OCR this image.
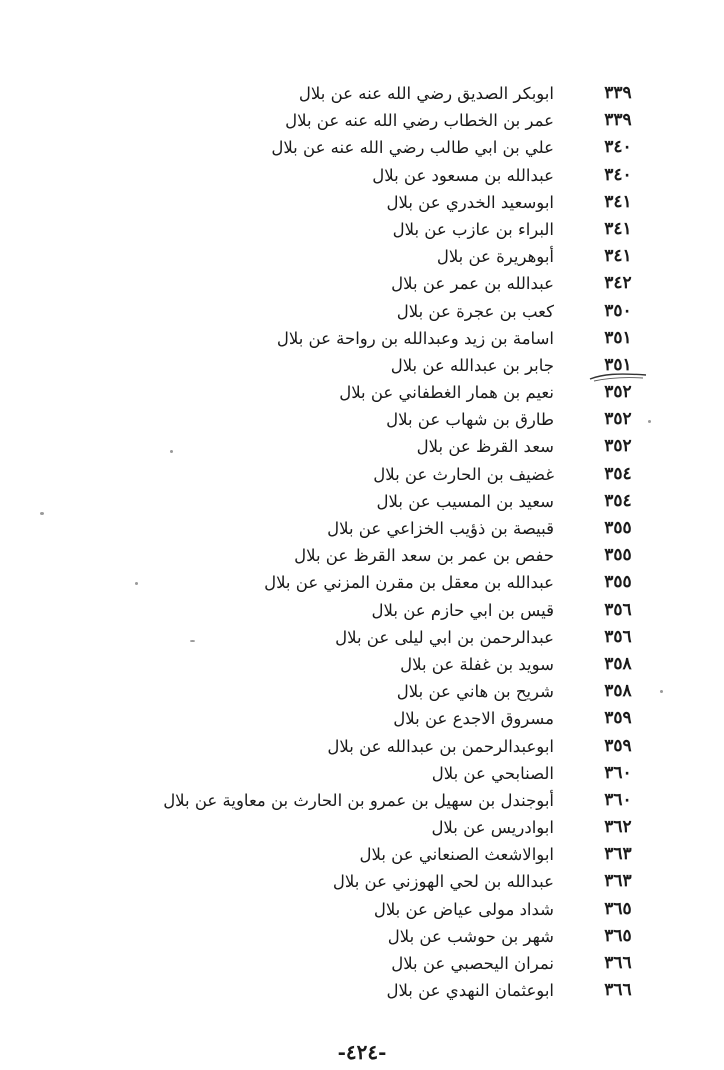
ابوبكر الصديق رضي الله عنه عن بلال	٣٣٩
عمر بن الخطاب رضي الله عنه عن بلال	٣٣٩
علي بن ابي طالب رضي الله عنه عن بلال	٣٤٠
عبدالله بن مسعود عن بلال	٣٤٠
ابوسعيد الخدري عن بلال	٣٤١
البراء بن عازب عن بلال	٣٤١
أبوهريرة عن بلال	٣٤١
عبدالله بن عمر عن بلال	٣٤٢
كعب بن عجرة عن بلال	٣٥٠
اسامة بن زيد وعبدالله بن رواحة عن بلال	٣٥١
جابر بن عبدالله عن بلال	٣٥١
نعيم بن همار الغطفاني عن بلال	٣٥٢
طارق بن شهاب عن بلال	٣٥٢
سعد القرظ عن بلال	٣٥٢
غضيف بن الحارث عن بلال	٣٥٤
سعيد بن المسيب عن بلال	٣٥٤
قبيصة بن ذؤيب الخزاعي عن بلال	٣٥٥
حفص بن عمر بن سعد القرظ عن بلال	٣٥٥
عبدالله بن معقل بن مقرن المزني عن بلال	٣٥٥
قيس بن ابي حازم عن بلال	٣٥٦
عبدالرحمن بن ابي ليلى عن بلال	٣٥٦
سويد بن غفلة عن بلال	٣٥٨
شريح بن هاني عن بلال	٣٥٨
مسروق الاجدع عن بلال	٣٥٩
ابوعبدالرحمن بن عبدالله عن بلال	٣٥٩
الصنابحي عن بلال	٣٦٠
أبوجندل بن سهيل بن عمرو بن الحارث بن معاوية عن بلال	٣٦٠
ابوادريس عن بلال	٣٦٢
ابوالاشعث الصنعاني عن بلال	٣٦٣
عبدالله بن لحي الهوزني عن بلال	٣٦٣
شداد مولى عياض عن بلال	٣٦٥
شهر بن حوشب عن بلال	٣٦٥
نمران اليحصبي عن بلال	٣٦٦
ابوعثمان النهدي عن بلال	٣٦٦
-٤٢٤-
